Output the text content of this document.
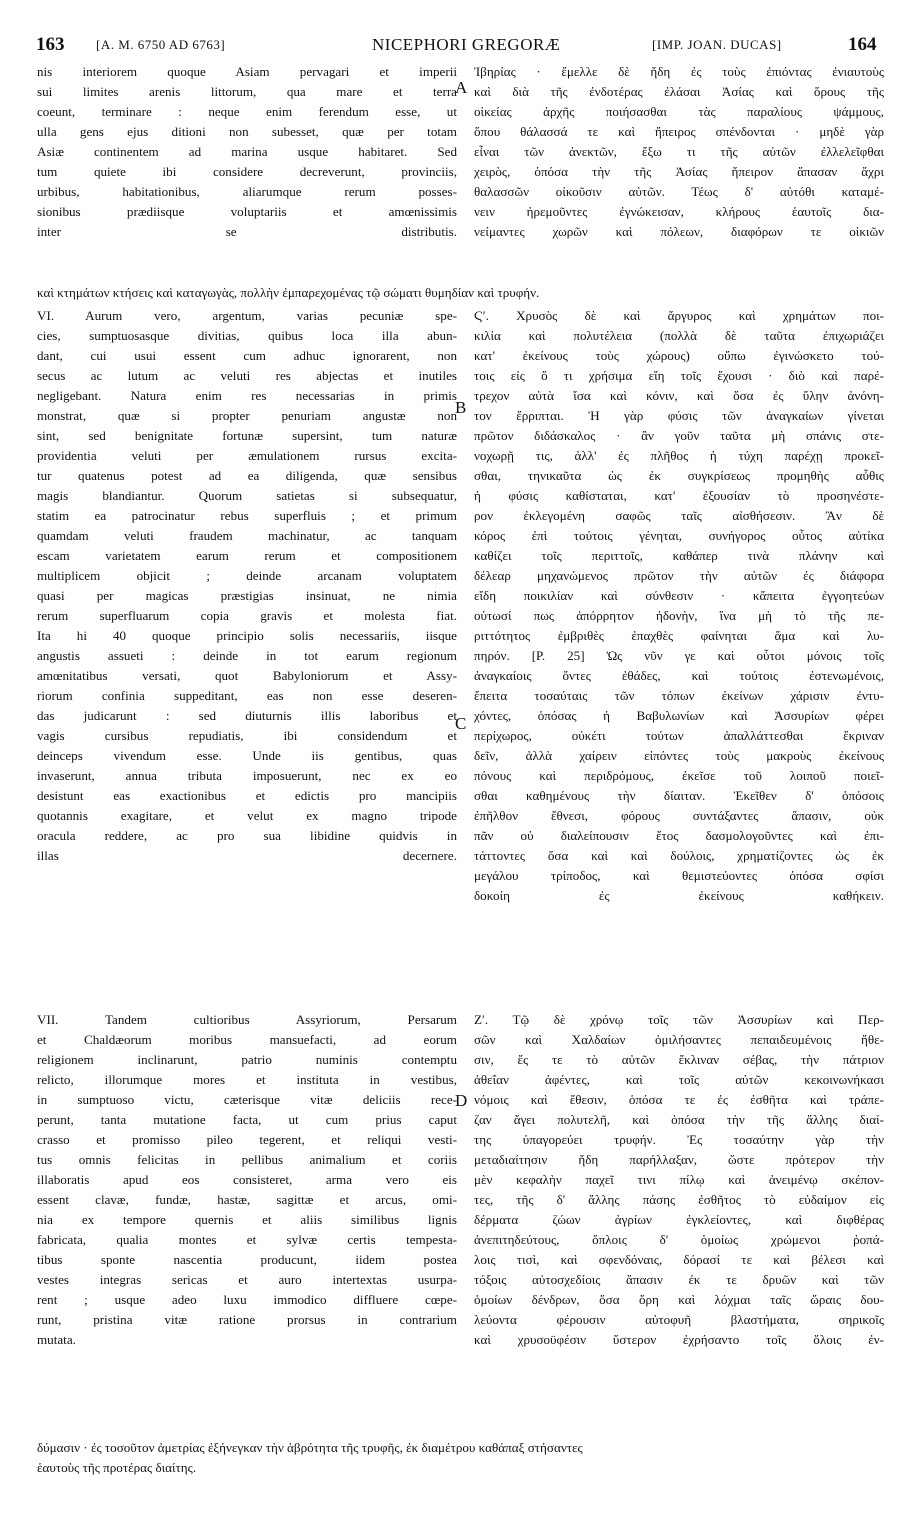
163 [A. M. 6750 AD 6763]	NICEPHORI GREGORÆ	[IMP. JOAN. DUCAS]	164
A
B
C
D
nis interiorem quoque Asiam pervagari et imperii
sui limites arenis littorum, qua mare et terra
coeunt, terminare : neque enim ferendum esse, ut
ulla gens ejus ditioni non subesset, quæ per totam
Asiæ continentem ad marina usque habitaret. Sed
tum quiete ibi considere decreverunt, provinciis,
urbibus, habitationibus, aliarumque rerum posses-
sionibus prædiisque voluptariis et amœnissimis
inter se distributis.
Ἰβηρίας · ἔμελλε δὲ ἤδη ἐς τοὺς ἐπιόντας ἐνιαυτοὺς
καὶ διὰ τῆς ἐνδοτέρας ἐλάσαι Ἀσίας καὶ ὅρους τῆς
οἰκείας ἀρχῆς ποιήσασθαι τὰς παραλίους ψάμμους,
ὅπου θάλασσά τε καὶ ἤπειρος σπένδονται · μηδὲ γὰρ
εἶναι τῶν ἀνεκτῶν, ἔξω τι τῆς αὐτῶν ἐλλελεῖφθαι
χειρὸς, ὁπόσα τὴν τῆς Ἀσίας ἤπειρον ἅπασαν ἄχρι
θαλασσῶν οἰκοῦσιν αὐτῶν. Τέως δ' αὐτόθι καταμέ-
νειν ἠρεμοῦντες ἐγνώκεισαν, κλήρους ἑαυτοῖς δια-
νείμαντες χωρῶν καὶ πόλεων, διαφόρων τε οἰκιῶν
καὶ κτημάτων κτήσεις καὶ καταγωγὰς, πολλὴν ἐμπαρεχομένας τῷ σώματι θυμηδίαν καὶ τρυφήν.
VI. Aurum vero, argentum, varias pecuniæ spe-
cies, sumptuosasque divitias, quibus loca illa abun-
dant, cui usui essent cum adhuc ignorarent, non
secus ac lutum ac veluti res abjectas et inutiles
negligebant. Natura enim res necessarias in primis
monstrat, quæ si propter penuriam angustæ non
sint, sed benignitate fortunæ supersint, tum naturæ
providentia veluti per æmulationem rursus excita-
tur quatenus potest ad ea diligenda, quæ sensibus
magis blandiantur. Quorum satietas si subsequatur,
statim ea patrocinatur rebus superfluis ; et primum
quamdam veluti fraudem machinatur, ac tanquam
escam varietatem earum rerum et compositionem
multiplicem objicit ; deinde arcanam voluptatem
quasi per magicas præstigias insinuat, ne nimia
rerum superfluarum copia gravis et molesta fiat.
Ita hi 40 quoque principio solis necessariis, iisque
angustis assueti : deinde in tot earum regionum
amœnitatibus versati, quot Babyloniorum et Assy-
riorum confinia suppeditant, eas non esse deseren-
das judicarunt : sed diuturnis illis laboribus et
vagis cursibus repudiatis, ibi considendum et
deinceps vivendum esse. Unde iis gentibus, quas
invaserunt, annua tributa imposuerunt, nec ex eo
desistunt eas exactionibus et edictis pro mancipiis
quotannis exagitare, et velut ex magno tripode
oracula reddere, ac pro sua libidine quidvis in
illas decernere.
Ϛʹ. Χρυσὸς δὲ καὶ ἄργυρος καὶ χρημάτων ποι-
κιλία καὶ πολυτέλεια (πολλὰ δὲ ταῦτα ἐπιχωριάζει
κατ' ἐκείνους τοὺς χώρους) οὔπω ἐγινώσκετο τού-
τοις εἰς ὅ τι χρήσιμα εἴη τοῖς ἔχουσι · διὸ καὶ παρέ-
τρεχον αὐτὰ ἴσα καὶ κόνιν, καὶ ὅσα ἐς ὕλην ἀνόνη-
τον ἔρριπται. Ἡ γὰρ φύσις τῶν ἀναγκαίων γίνεται
πρῶτον διδάσκαλος · ἂν γοῦν ταῦτα μὴ σπάνις στε-
νοχωρῇ τις, ἀλλ' ἐς πλῆθος ἡ τύχη παρέχῃ προκεῖ-
σθαι, τηνικαῦτα ὡς ἐκ συγκρίσεως προμηθὴς αὖθις
ἡ φύσις καθίσταται, κατ' ἐξουσίαν τὸ προσηνέστε-
ρον ἐκλεγομένη σαφῶς ταῖς αἰσθήσεσιν. Ἂν δὲ
κόρος ἐπὶ τούτοις γένηται, συνήγορος οὗτος αὐτίκα
καθίζει τοῖς περιττοῖς, καθάπερ τινὰ πλάνην καὶ
δέλεαρ μηχανώμενος πρῶτον τὴν αὐτῶν ἐς διάφορα
εἴδη ποικιλίαν καὶ σύνθεσιν · κἄπειτα ἐγγοητεύων
οὑτωσί πως ἀπόρρητον ἡδονὴν, ἵνα μὴ τὸ τῆς πε-
ριττότητος ἐμβριθὲς ἐπαχθὲς φαίνηται ἅμα καὶ λυ-
πηρόν. [P. 25] Ὡς νῦν γε καὶ οὗτοι μόνοις τοῖς
ἀναγκαίοις ὄντες ἐθάδες, καὶ τούτοις ἐστενωμένοις,
ἔπειτα τοσαύταις τῶν τόπων ἐκείνων χάρισιν ἐντυ-
χόντες, ὁπόσας ἡ Βαβυλωνίων καὶ Ἀσσυρίων φέρει
περίχωρος, οὐκέτι τούτων ἀπαλλάττεσθαι ἔκριναν
δεῖν, ἀλλὰ χαίρειν εἰπόντες τοὺς μακροὺς ἐκείνους
πόνους καὶ περιδρόμους, ἐκεῖσε τοῦ λοιποῦ ποιεῖ-
σθαι καθημένους τὴν δίαιταν. Ἐκεῖθεν δ' ὁπόσοις
ἐπῆλθον ἔθνεσι, φόρους συντάξαντες ἅπασιν, οὐκ
πᾶν οὐ διαλείπουσιν ἔτος δασμολογοῦντες καὶ ἐπι-
τάττοντες ὅσα καὶ καὶ δούλοις, χρηματίζοντες ὡς ἐκ
μεγάλου τρίποδος, καὶ θεμιστεύοντες ὁπόσα σφίσι
δοκοίη ἐς ἐκείνους καθήκειν.
VII. Tandem cultioribus Assyriorum, Persarum
et Chaldæorum moribus mansuefacti, ad eorum
religionem inclinarunt, patrio numinis contemptu
relicto, illorumque mores et instituta in vestibus,
in sumptuoso victu, cæterisque vitæ deliciis rece-
perunt, tanta mutatione facta, ut cum prius caput
crasso et promisso pileo tegerent, et reliqui vesti-
tus omnis felicitas in pellibus animalium et coriis
illaboratis apud eos consisteret, arma vero eis
essent clavæ, fundæ, hastæ, sagittæ et arcus, omi-
nia ex tempore quernis et aliis similibus lignis
fabricata, qualia montes et sylvæ certis tempesta-
tibus sponte nascentia producunt, iidem postea
vestes integras sericas et auro intertextas usurpa-
rent ; usque adeo luxu immodico diffluere cœpe-
runt, pristina vitæ ratione prorsus in contrarium
mutata.
Ζʹ. Τῷ δὲ χρόνῳ τοῖς τῶν Ἀσσυρίων καὶ Περ-
σῶν καὶ Χαλδαίων ὁμιλήσαντες πεπαιδευμένοις ἤθε-
σιν, ἔς τε τὸ αὐτῶν ἔκλιναν σέβας, τὴν πάτριον
ἀθεΐαν ἀφέντες, καὶ τοῖς αὐτῶν κεκοινωνήκασι
νόμοις καὶ ἔθεσιν, ὁπόσα τε ἐς ἐσθῆτα καὶ τράπε-
ζαν ἄγει πολυτελῆ, καὶ ὁπόσα τὴν τῆς ἄλλης διαί-
της ὑπαγορεύει τρυφήν. Ἐς τοσαύτην γὰρ τὴν
μεταδιαίτησιν ἤδη παρήλλαξαν, ὥστε πρότερον τὴν
μὲν κεφαλὴν παχεῖ τινι πίλῳ καὶ ἀνειμένῳ σκέπον-
τες, τῆς δ' ἄλλης πάσης ἐσθῆτος τὸ εὐδαίμον εἰς
δέρματα ζώων ἀγρίων ἐγκλείοντες, καὶ διφθέρας
ἀνεπιτηδεύτους, ὅπλοις δ' ὁμοίως χρώμενοι ῥοπά-
λοις τισὶ, καὶ σφενδόναις, δόρασί τε καὶ βέλεσι καὶ
τόξοις αὐτοσχεδίοις ἅπασιν ἐκ τε δρυῶν καὶ τῶν
ὁμοίων δένδρων, ὅσα ὄρη καὶ λόχμαι ταῖς ὥραις δου-
λεύοντα φέρουσιν αὐτοφυῆ βλαστήματα, σηρικοῖς
καὶ χρυσοϋφέσιν ὕστερον ἐχρήσαντο τοῖς ὅλοις ἐν-
δύμασιν · ἐς τοσοῦτον ἀμετρίας ἐξήνεγκαν τὴν ἁβρότητα τῆς τρυφῆς, ἐκ διαμέτρου καθάπαξ στήσαντες
ἑαυτοὺς τῆς προτέρας διαίτης.
